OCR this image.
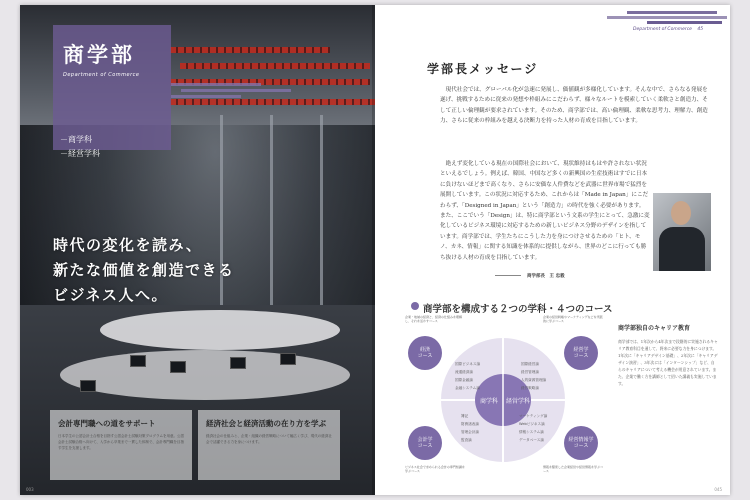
商学部
Department of Commerce
－商学科
－経営学科
時代の変化を読み、
新たな価値を創造できる
ビジネス人へ。
会計専門職への道をサポート
日本学生の公認会計士合格を目指す公認会計士試験対策プログラムを用意。公認会計士試験合格へ向けて、入学から卒業まで一貫した体制で、会計専門職を目指す学生を支援します。
経済社会と経済活動の在り方を学ぶ
経済社会の仕組みと、企業・組織の経営戦略について幅広く学び、現代の経済社会で活躍できる力を身につけます。
003
Department of Commerce 45
学部長メッセージ

現代社会では、グローバル化が急速に発展し、価値観が多様化しています。そんな中で、さらなる発展を遂げ、挑戦するために従来の発想や枠組みにこだわらず、様々なルートを模索していく柔軟さと創造力、そして正しい倫理観が要求されています。そのため、商学部では、高い倫理観、柔軟な思考力、理解力、創造力、さらに従来の枠組みを越える決断力を持った人材の育成を目指しています。

絶えず変化している現在の国際社会において、現状維持はもはや許されない状況といえるでしょう。例えば、韓国、中国など多くの新興国の生産技術はすでに日本に負けないほどまで高くなり、さらに安価な人件費などを武器に世界市場で猛烈を展開しています。この状況に対応するため、これからは「Made in Japan」にこだわらず、「Designed in Japan」という「創造力」の時代を強く必要があります。また、ここでいう「Design」は、特に商学部という文系の学生にとって、急激に変化しているビジネス環境に対応するための新しいビジネス分野のデザインを指しています。商学部では、学生たちにこうした力を身につけさせるための「ヒト、モノ、カネ、情報」に関する知識を体系的に提供しながら、世界のどこに行っても勝ち抜ける人材の育成を目指しています。

商学部長　王 忠毅
商学部を構成する２つの学科・４つのコース
商学科 経営学科
国際ビジネス論
流通経済論
国際金融論
金融システム論
国際経営論
経営管理論
人的資源管理論
経営戦略論
簿記
財務諸表論
管理会計論
監査論
マーケティング論
Webビジネス論
情報システム論
データベース論
経済コース
経営学コース
会計学コース
経営情報学コース
企業・地域の経済と、経済の仕組みを理解し、それを活かすコース
企業の経営戦略やマーケティングなどを実践的に学ぶコース
ビジネス社会で求められる会計の専門知識を学ぶコース
情報を駆使した企業経営や経営情報を学ぶコース
商学部独自のキャリア教育
商学部では、1年次から4年次まで段階的に実施されるキャリア教育科目を通して、将来に必要な力を身につけます。1年次に「キャリアデザイン基礎」、2年次に「キャリアデザイン演習」、3年次には「インターンシップ」など、自らのキャリアについて考える機会が用意されています。また、企業で働く方を講師として招いた講義も実施しています。
045
